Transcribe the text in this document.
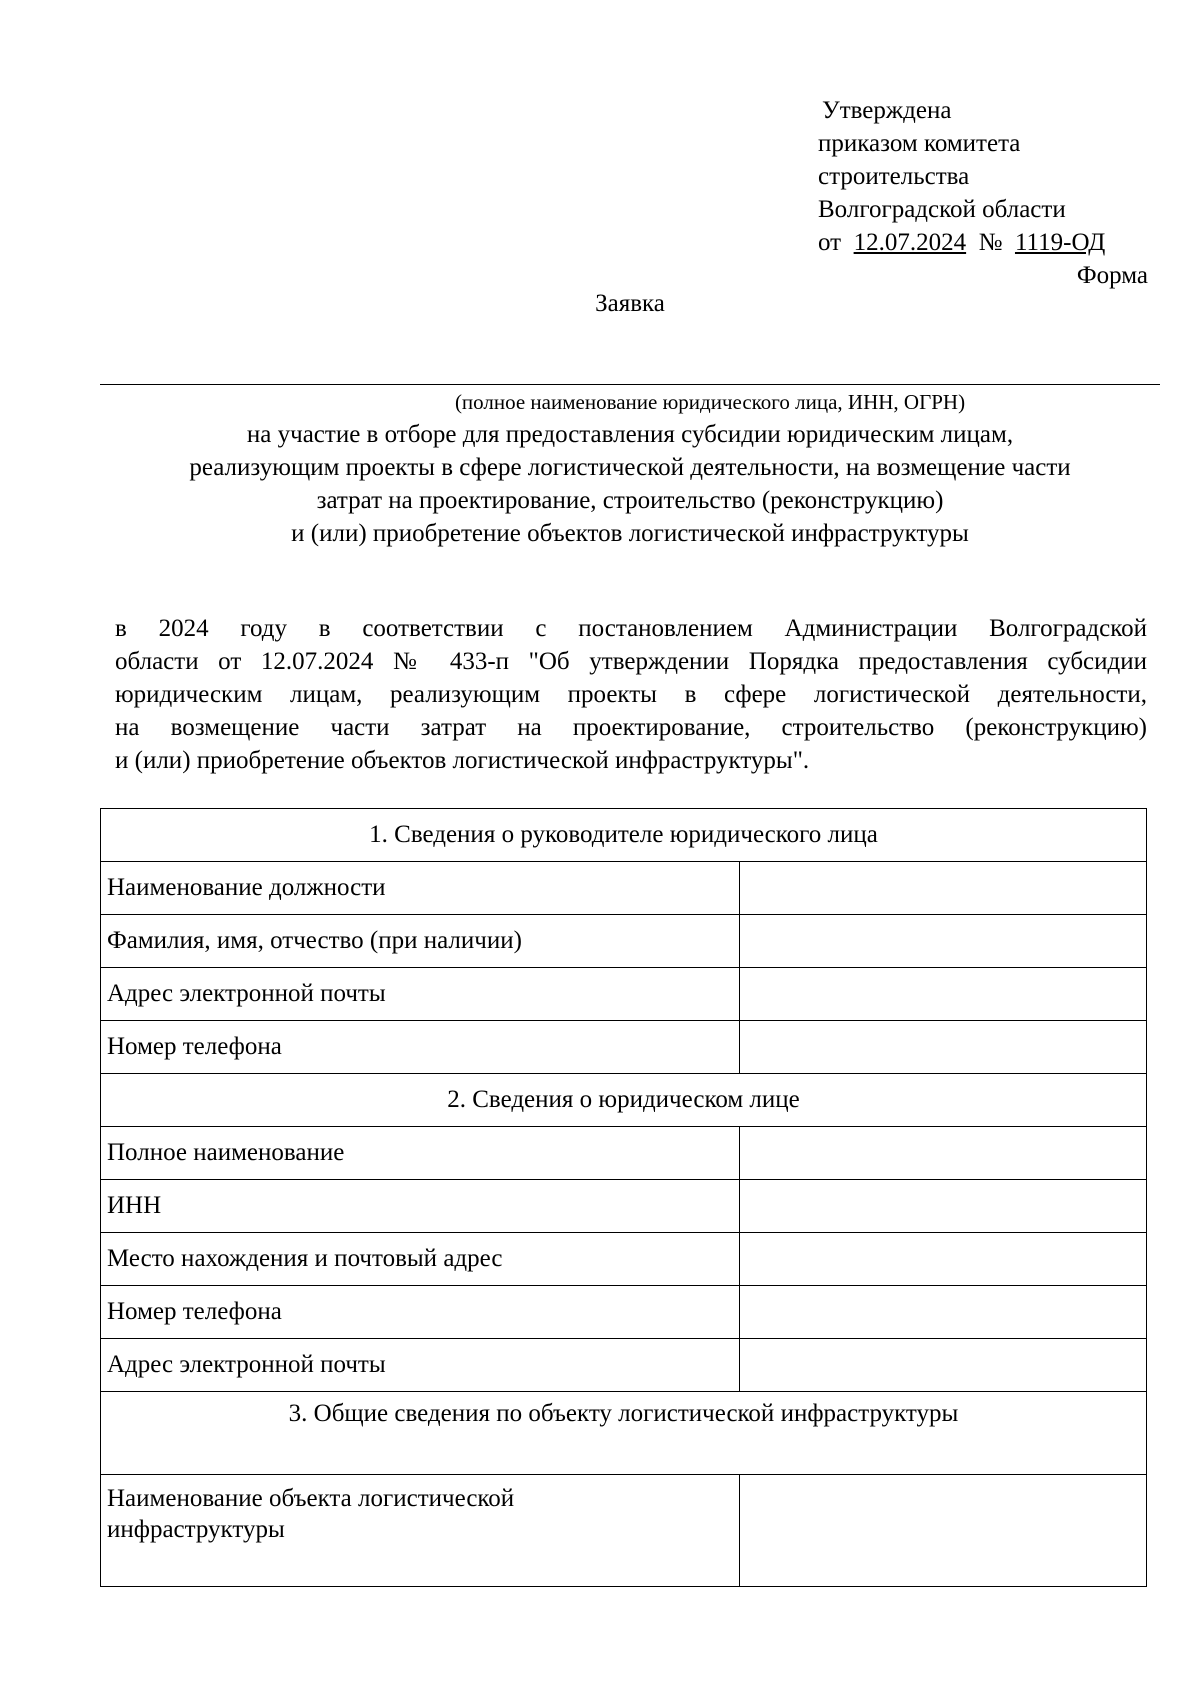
Утверждена
приказом комитета
строительства
Волгоградской области
от 12.07.2024 № 1119-ОД
Форма
Заявка
(полное наименование юридического лица, ИНН, ОГРН)
на участие в отборе для предоставления субсидии юридическим лицам,
реализующим проекты в сфере логистической деятельности, на возмещение части
затрат на проектирование, строительство (реконструкцию)
и (или) приобретение объектов логистической инфраструктуры
в 2024 году в соответствии с постановлением Администрации Волгоградской
области от 12.07.2024 № 433-п "Об утверждении Порядка предоставления субсидии
юридическим лицам, реализующим проекты в сфере логистической деятельности,
на возмещение части затрат на проектирование, строительство (реконструкцию)
и (или) приобретение объектов логистической инфраструктуры".
1. Сведения о руководителе юридического лица	
Наименование должности	
Фамилия, имя, отчество (при наличии)	
Адрес электронной почты	
Номер телефона	
2. Сведения о юридическом лице	
Полное наименование	
ИНН	
Место нахождения и почтовый адрес	
Номер телефона	
Адрес электронной почты	
3. Общие сведения по объекту логистической инфраструктуры	

Наименование объекта логистической
инфраструктуры	
